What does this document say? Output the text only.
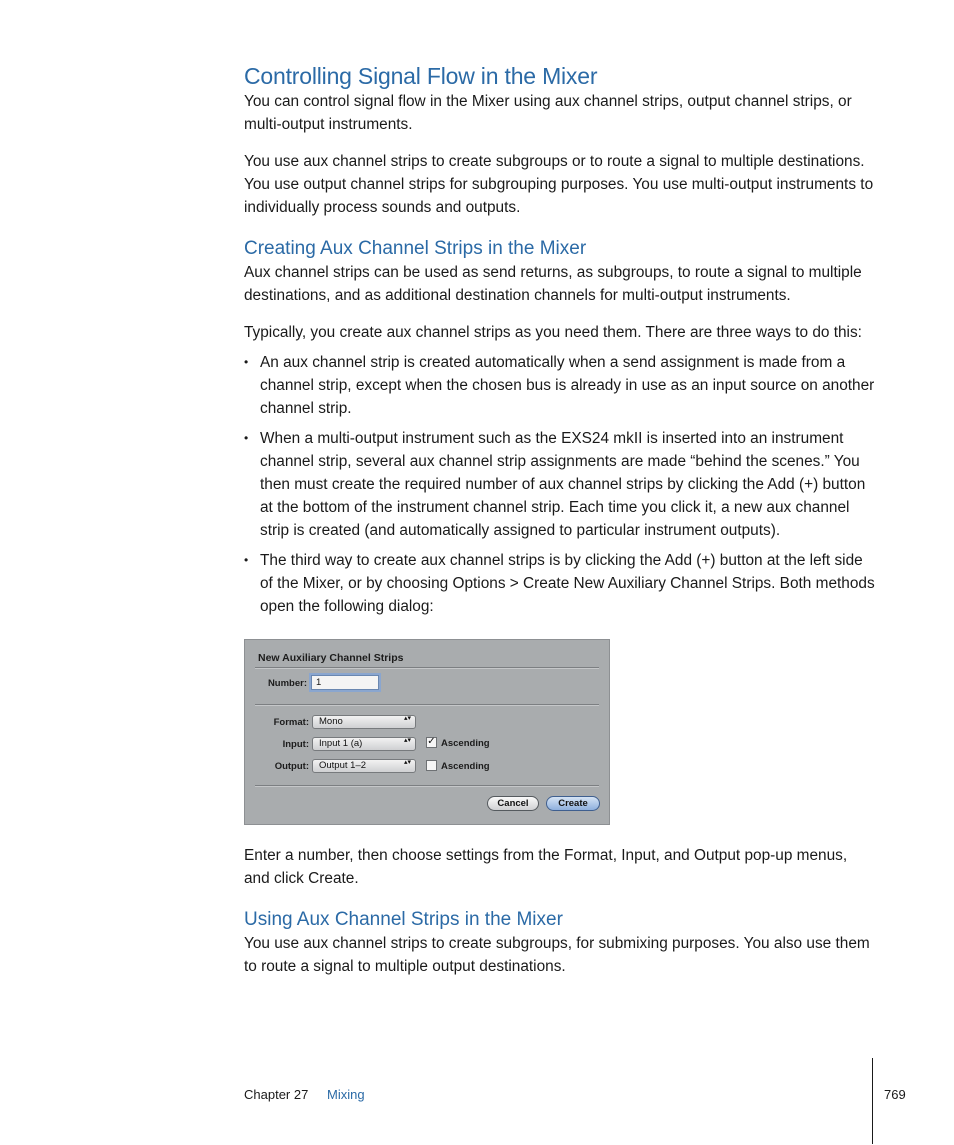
Controlling Signal Flow in the Mixer

You can control signal flow in the Mixer using aux channel strips, output channel strips, or multi-output instruments.

You use aux channel strips to create subgroups or to route a signal to multiple destinations. You use output channel strips for subgrouping purposes. You use multi-output instruments to individually process sounds and outputs.

Creating Aux Channel Strips in the Mixer

Aux channel strips can be used as send returns, as subgroups, to route a signal to multiple destinations, and as additional destination channels for multi-output instruments.

Typically, you create aux channel strips as you need them. There are three ways to do this:

• An aux channel strip is created automatically when a send assignment is made from a channel strip, except when the chosen bus is already in use as an input source on another channel strip.
• When a multi-output instrument such as the EXS24 mkII is inserted into an instrument channel strip, several aux channel strip assignments are made “behind the scenes.” You then must create the required number of aux channel strips by clicking the Add (+) button at the bottom of the instrument channel strip. Each time you click it, a new aux channel strip is created (and automatically assigned to particular instrument outputs).
• The third way to create aux channel strips is by clicking the Add (+) button at the left side of the Mixer, or by choosing Options > Create New Auxiliary Channel Strips. Both methods open the following dialog:
New Auxiliary Channel Strips
Number: 1
Format:	Mono	▴▾
Input:	Input 1 (a)	▴▾ ✓ Ascending
Output:	Output 1–2	▴▾	Ascending
Cancel	Create

Enter a number, then choose settings from the Format, Input, and Output pop-up menus, and click Create.

Using Aux Channel Strips in the Mixer

You use aux channel strips to create subgroups, for submixing purposes. You also use them to route a signal to multiple output destinations.

Chapter 27 Mixing	769
